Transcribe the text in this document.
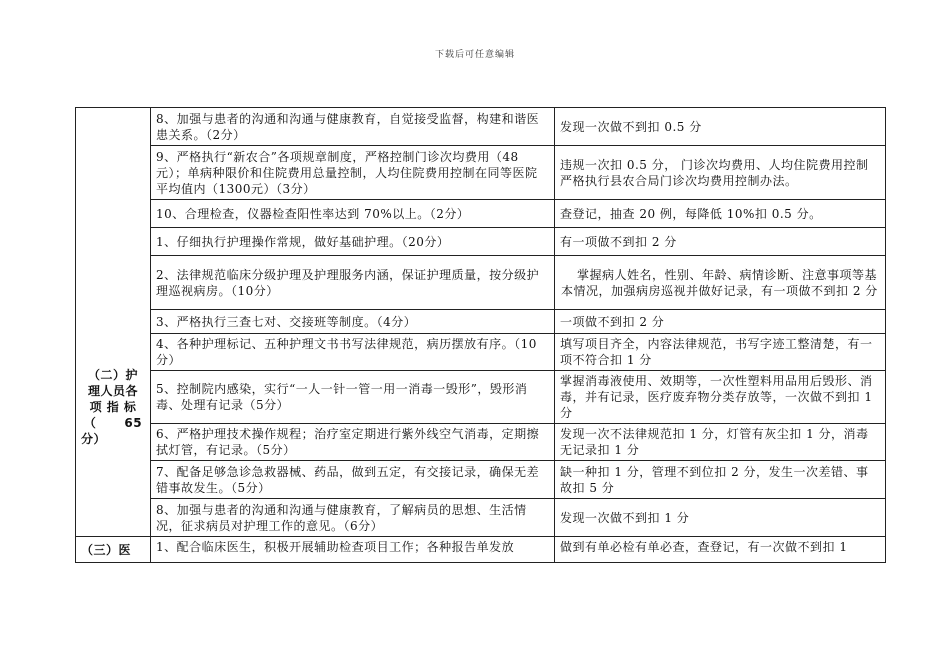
下载后可任意编辑
（二）护
理人员各
项 指 标
（      65
分）	8、加强与患者的沟通和沟通与健康教育，自觉接受监督，构建和谐医患关系。（2分）	发现一次做不到扣 0.5 分
	9、严格执行“新农合”各项规章制度，严格控制门诊次均费用（48元）；单病种限价和住院费用总量控制，人均住院费用控制在同等医院平均值内（1300元）（3分）	违规一次扣 0.5 分， 门诊次均费用、人均住院费用控制严格执行县农合局门诊次均费用控制办法。
	10、合理检查，仪器检查阳性率达到 70%以上。（2分）	查登记，抽查 20 例，每降低 10%扣 0.5 分。
	1、仔细执行护理操作常规，做好基础护理。（20分）	有一项做不到扣 2 分
	2、法律规范临床分级护理及护理服务内涵，保证护理质量，按分级护理巡视病房。（10分）	掌握病人姓名，性别、年龄、病情诊断、注意事项等基本情况，加强病房巡视并做好记录，有一项做不到扣 2 分
	3、严格执行三查七对、交接班等制度。（4分）	一项做不到扣 2 分
	4、各种护理标记、五种护理文书书写法律规范，病历摆放有序。（10分）	填写项目齐全，内容法律规范，书写字迹工整清楚，有一项不符合扣 1 分
	5、控制院内感染，实行“一人一针一管一用一消毒一毁形”，毁形消毒、处理有记录（5分）	掌握消毒液使用、效期等，一次性塑料用品用后毁形、消毒，并有记录，医疗废弃物分类存放等，一次做不到扣 1 分
	6、严格护理技术操作规程；治疗室定期进行紫外线空气消毒，定期擦拭灯管，有记录。（5分）	发现一次不法律规范扣 1 分，灯管有灰尘扣 1 分，消毒无记录扣 1 分
	7、配备足够急诊急救器械、药品，做到五定，有交接记录，确保无差错事故发生。（5分）	缺一种扣 1 分，管理不到位扣 2 分，发生一次差错、事故扣 5 分
	8、加强与患者的沟通和沟通与健康教育，了解病员的思想、生活情况，征求病员对护理工作的意见。（6分）	发现一次做不到扣 1 分
（三）医	1、配合临床医生，积极开展辅助检查项目工作；各种报告单发放	做到有单必检有单必查，查登记，有一次做不到扣 1
